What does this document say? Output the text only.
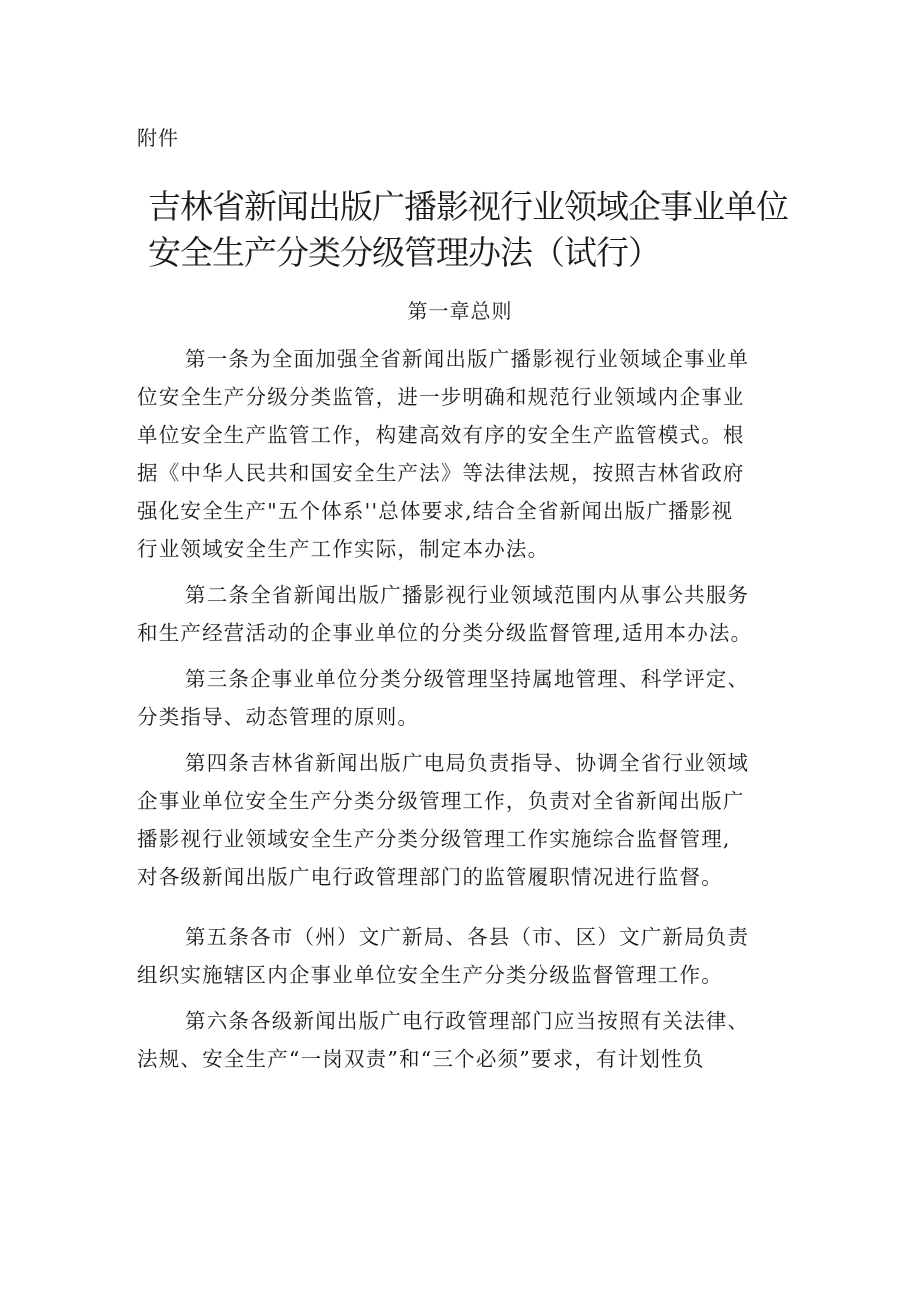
附件
吉林省新闻出版广播影视行业领域企事业单位
安全生产分类分级管理办法（试行）
第一章总则

第一条为全面加强全省新闻出版广播影视行业领域企事业单
位安全生产分级分类监管，进一步明确和规范行业领域内企事业
单位安全生产监管工作，构建高效有序的安全生产监管模式。根
据《中华人民共和国安全生产法》等法律法规，按照吉林省政府
强化安全生产"五个体系''总体要求,结合全省新闻出版广播影视
行业领域安全生产工作实际，制定本办法。

第二条全省新闻出版广播影视行业领域范围内从事公共服务
和生产经营活动的企事业单位的分类分级监督管理,适用本办法。

第三条企事业单位分类分级管理坚持属地管理、科学评定、
分类指导、动态管理的原则。

第四条吉林省新闻出版广电局负责指导、协调全省行业领域
企事业单位安全生产分类分级管理工作，负责对全省新闻出版广
播影视行业领域安全生产分类分级管理工作实施综合监督管理,
对各级新闻出版广电行政管理部门的监管履职情况进行监督。

第五条各市（州）文广新局、各县（市、区）文广新局负责
组织实施辖区内企事业单位安全生产分类分级监督管理工作。

第六条各级新闻出版广电行政管理部门应当按照有关法律、
法规、安全生产“一岗双责”和“三个必须”要求，有计划性负
